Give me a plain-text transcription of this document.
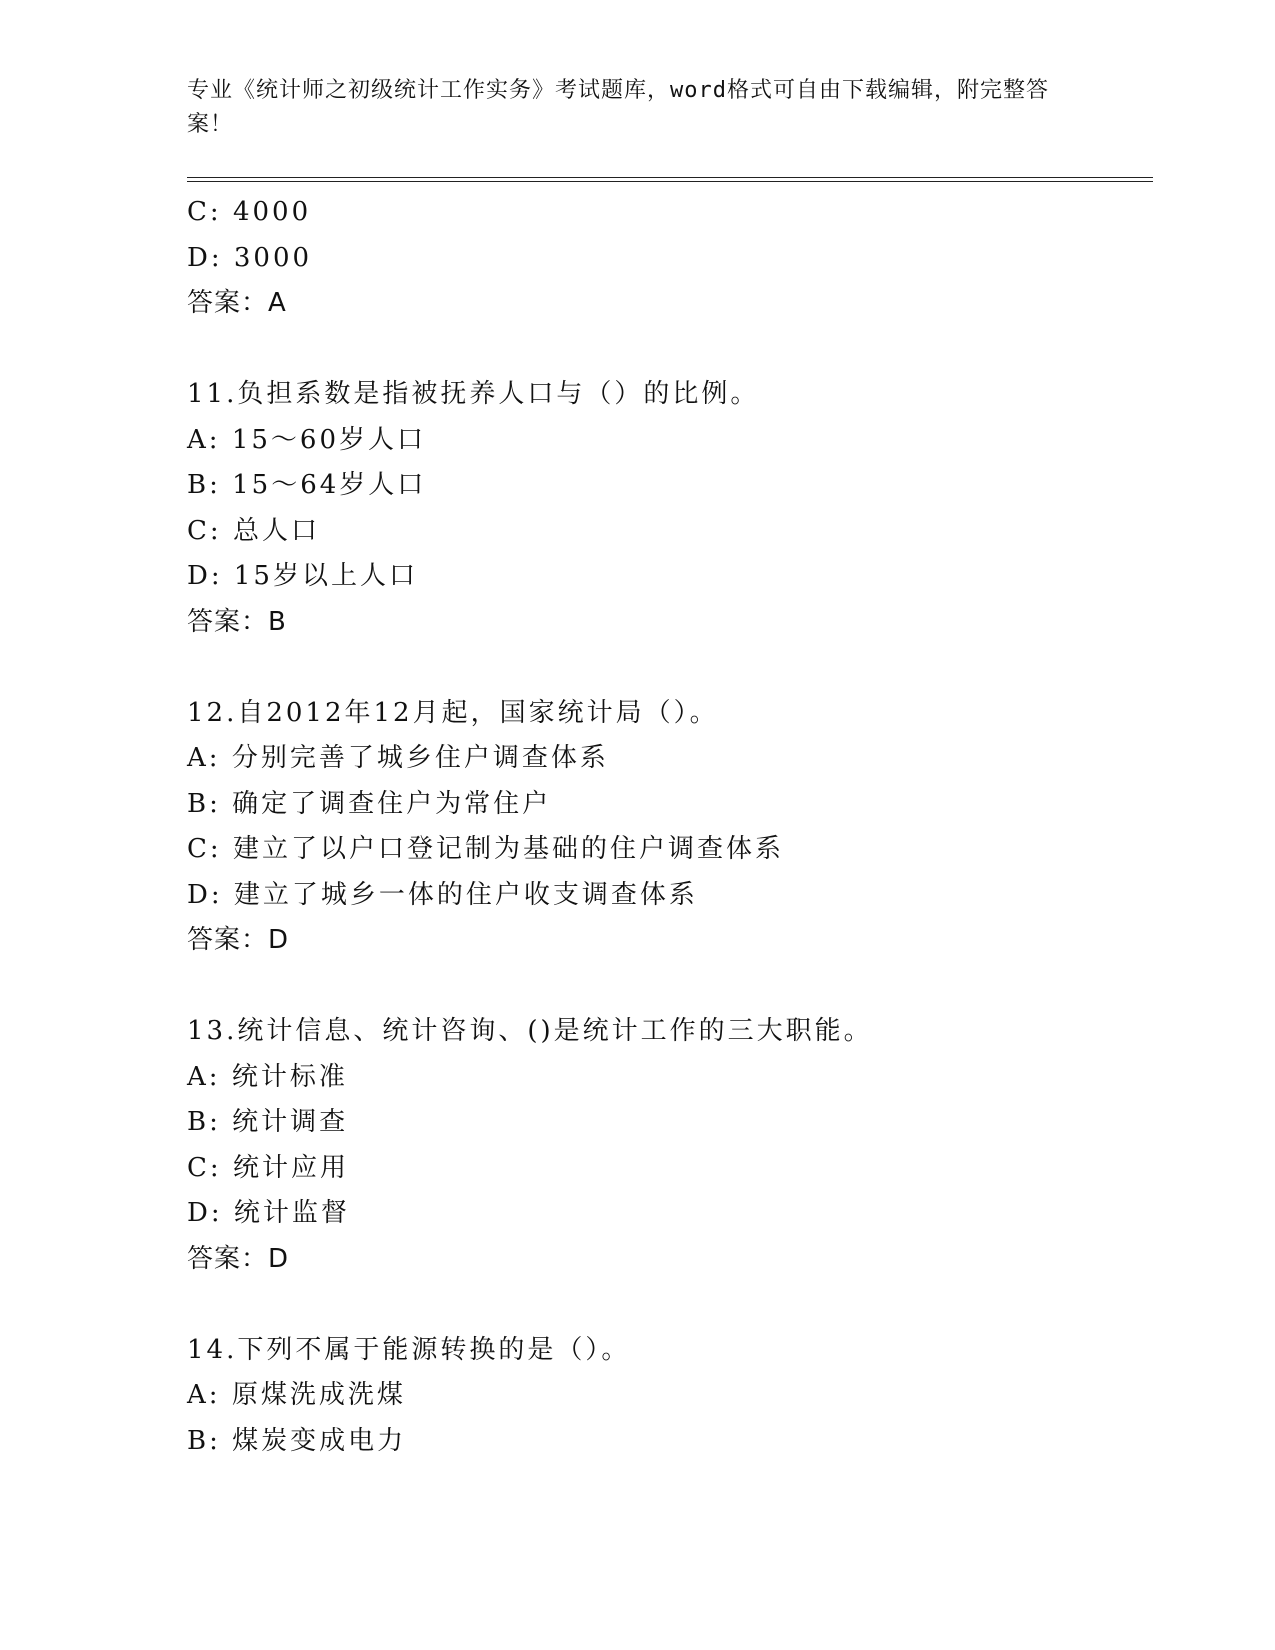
专业《统计师之初级统计工作实务》考试题库，word格式可自由下载编辑，附完整答案！
C: 4000
D: 3000
答案：A
11.负担系数是指被抚养人口与（）的比例。
A: 15～60岁人口
B: 15～64岁人口
C: 总人口
D: 15岁以上人口
答案：B
12.自2012年12月起，国家统计局（）。
A: 分别完善了城乡住户调查体系
B: 确定了调查住户为常住户
C: 建立了以户口登记制为基础的住户调查体系
D: 建立了城乡一体的住户收支调查体系
答案：D
13.统计信息、统计咨询、()是统计工作的三大职能。
A: 统计标准
B: 统计调查
C: 统计应用
D: 统计监督
答案：D
14.下列不属于能源转换的是（）。
A: 原煤洗成洗煤
B: 煤炭变成电力
